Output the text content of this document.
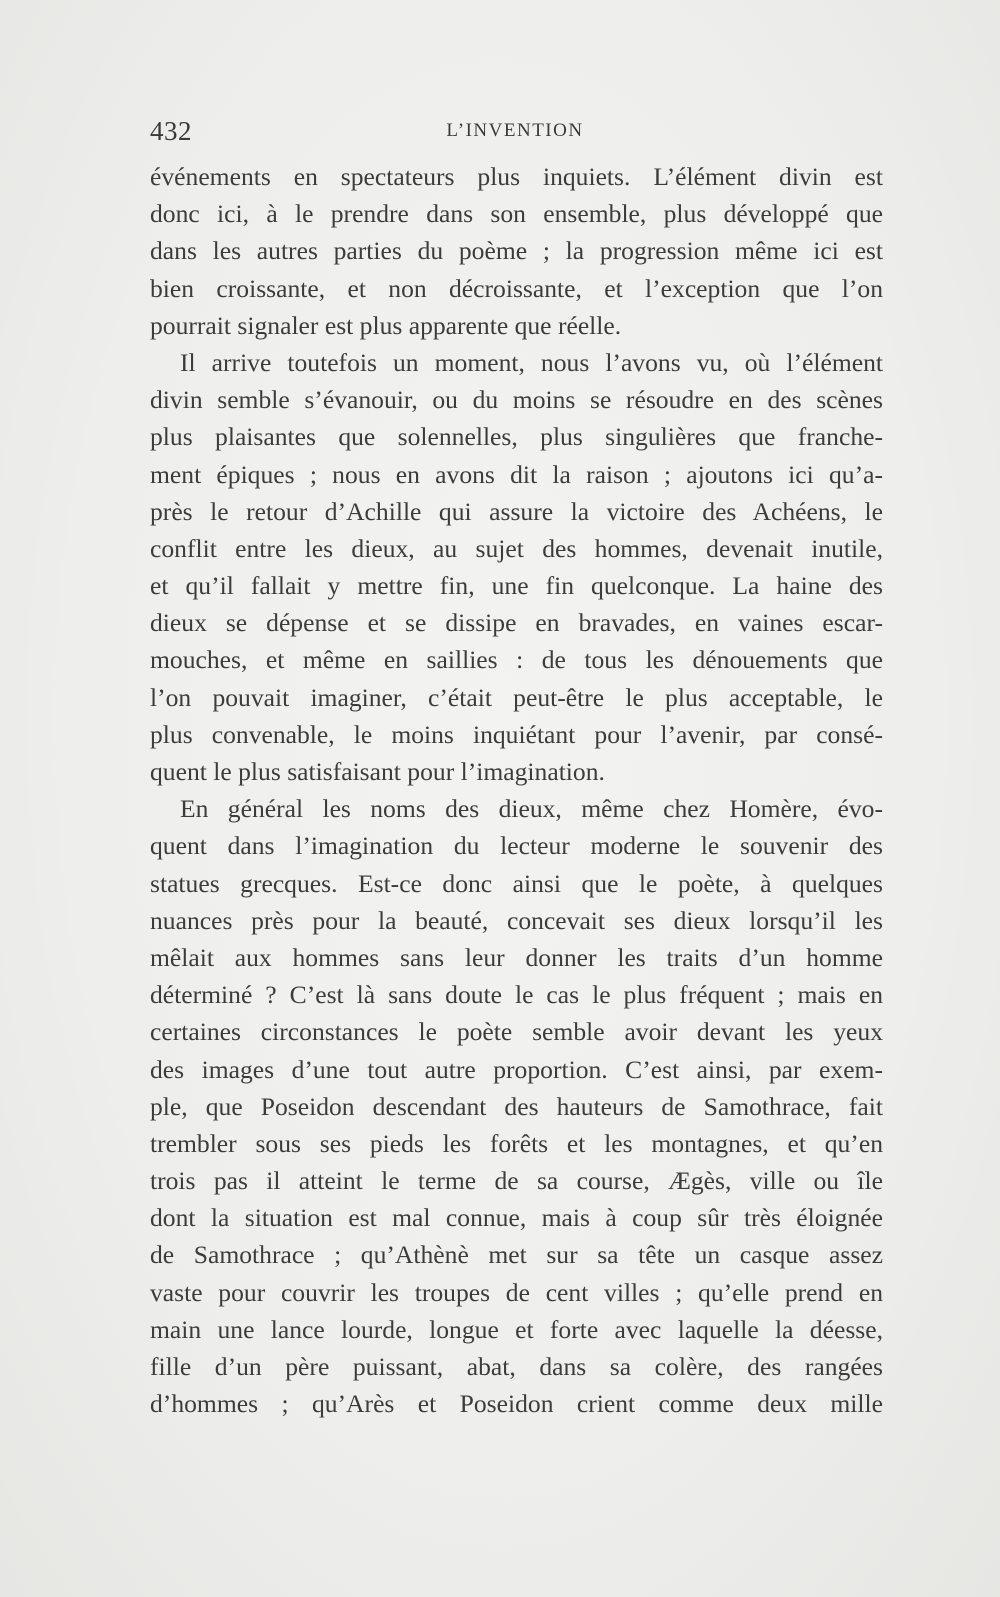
432	L’INVENTION
événements en spectateurs plus inquiets. L’élément divin est
donc ici, à le prendre dans son ensemble, plus développé que
dans les autres parties du poème ; la progression même ici est
bien croissante, et non décroissante, et l’exception que l’on
pourrait signaler est plus apparente que réelle.
Il arrive toutefois un moment, nous l’avons vu, où l’élément
divin semble s’évanouir, ou du moins se résoudre en des scènes
plus plaisantes que solennelles, plus singulières que franche-
ment épiques ; nous en avons dit la raison ; ajoutons ici qu’a-
près le retour d’Achille qui assure la victoire des Achéens, le
conflit entre les dieux, au sujet des hommes, devenait inutile,
et qu’il fallait y mettre fin, une fin quelconque. La haine des
dieux se dépense et se dissipe en bravades, en vaines escar-
mouches, et même en saillies : de tous les dénouements que
l’on pouvait imaginer, c’était peut-être le plus acceptable, le
plus convenable, le moins inquiétant pour l’avenir, par consé-
quent le plus satisfaisant pour l’imagination.
En général les noms des dieux, même chez Homère, évo-
quent dans l’imagination du lecteur moderne le souvenir des
statues grecques. Est-ce donc ainsi que le poète, à quelques
nuances près pour la beauté, concevait ses dieux lorsqu’il les
mêlait aux hommes sans leur donner les traits d’un homme
déterminé ? C’est là sans doute le cas le plus fréquent ; mais en
certaines circonstances le poète semble avoir devant les yeux
des images d’une tout autre proportion. C’est ainsi, par exem-
ple, que Poseidon descendant des hauteurs de Samothrace, fait
trembler sous ses pieds les forêts et les montagnes, et qu’en
trois pas il atteint le terme de sa course, Ægès, ville ou île
dont la situation est mal connue, mais à coup sûr très éloignée
de Samothrace ; qu’Athènè met sur sa tête un casque assez
vaste pour couvrir les troupes de cent villes ; qu’elle prend en
main une lance lourde, longue et forte avec laquelle la déesse,
fille d’un père puissant, abat, dans sa colère, des rangées
d’hommes ; qu’Arès et Poseidon crient comme deux mille
